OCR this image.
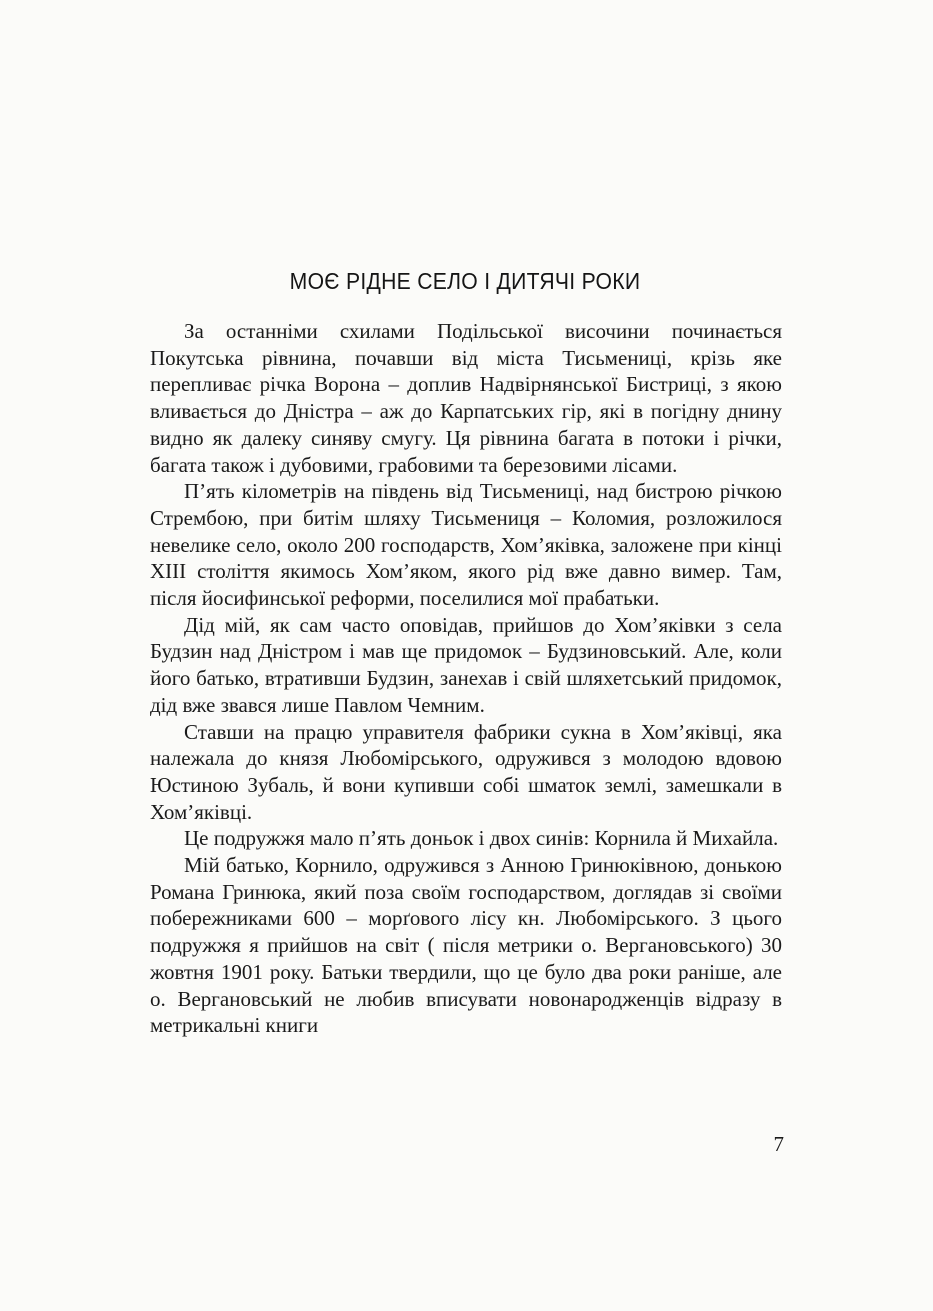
МОЄ РІДНЕ СЕЛО І ДИТЯЧІ РОКИ

За останніми схилами Подільської височини починається Покутська рівнина, почавши від міста Тисьмениці, крізь яке перепливає річка Ворона – доплив Надвірнянської Бистриці, з якою вливається до Дністра – аж до Карпатських гір, які в погідну днину видно як далеку синяву смугу. Ця рівнина багата в потоки і річки, багата також і дубовими, грабовими та березовими лісами.

П’ять кілометрів на південь від Тисьмениці, над бистрою річкою Стрембою, при битім шляху Тисьмениця – Коломия, розложилося невелике село, около 200 господарств, Хом’яківка, заложене при кінці XIII століття якимось Хом’яком, якого рід вже давно вимер. Там, після йосифинської реформи, поселилися мої прабатьки.

Дід мій, як сам часто оповідав, прийшов до Хом’яківки з села Будзин над Дністром і мав ще придомок – Будзиновський. Але, коли його батько, втративши Будзин, занехав і свій шляхетський придомок, дід вже звався лише Павлом Чемним.

Ставши на працю управителя фабрики сукна в Хом’яківці, яка належала до князя Любомірського, одружився з молодою вдовою Юстиною Зубаль, й вони купивши собі шматок землі, замешкали в Хом’яківці.

Це подружжя мало п’ять доньок і двох синів: Корнила й Михайла.

Мій батько, Корнило, одружився з Анною Гринюківною, донькою Романа Гринюка, який поза своїм господарством, доглядав зі своїми побережниками 600 – морґового лісу кн. Любомірського. З цього подружжя я прийшов на світ ( після метрики о. Вергановського) 30 жовтня 1901 року. Батьки твердили, що це було два роки раніше, але о. Вергановський не любив вписувати новонародженців відразу в метрикальні книги

7
